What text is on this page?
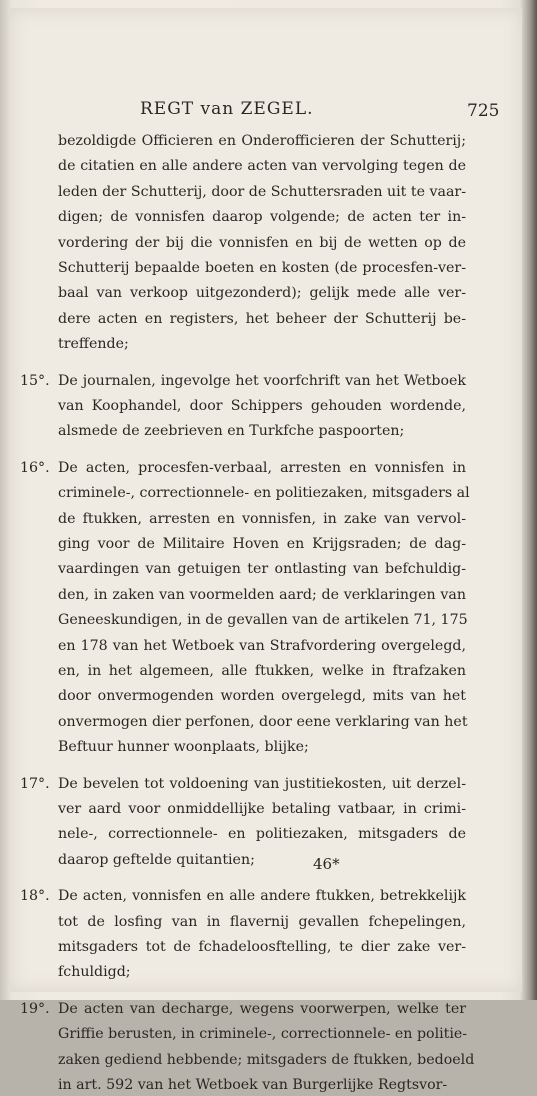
REGT van ZEGEL.	725
bezoldigde Officieren en Onderofficieren der Schutterij;
de citatien en alle andere acten van vervolging tegen de
leden der Schutterij, door de Schuttersraden uit te vaar-
digen; de vonnisfen daarop volgende; de acten ter in-
vordering der bij die vonnisfen en bij de wetten op de
Schutterij bepaalde boeten en kosten (de procesfen-ver-
baal van verkoop uitgezonderd); gelijk mede alle ver-
dere acten en registers, het beheer der Schutterij be-
treffende;
15°. De journalen, ingevolge het voorfchrift van het Wetboek
van Koophandel, door Schippers gehouden wordende,
alsmede de zeebrieven en Turkfche paspoorten;
16°. De acten, procesfen-verbaal, arresten en vonnisfen in
criminele-, correctionnele- en politiezaken, mitsgaders al
de ftukken, arresten en vonnisfen, in zake van vervol-
ging voor de Militaire Hoven en Krijgsraden; de dag-
vaardingen van getuigen ter ontlasting van befchuldig-
den, in zaken van voormelden aard; de verklaringen van
Geneeskundigen, in de gevallen van de artikelen 71, 175
en 178 van het Wetboek van Strafvordering overgelegd,
en, in het algemeen, alle ftukken, welke in ftrafzaken
door onvermogenden worden overgelegd, mits van het
onvermogen dier perfonen, door eene verklaring van het
Beftuur hunner woonplaats, blijke;
17°. De bevelen tot voldoening van justitiekosten, uit derzel-
ver aard voor onmiddellijke betaling vatbaar, in crimi-
nele-, correctionnele- en politiezaken, mitsgaders de
daarop gefteldе quitantien;
18°. De acten, vonnisfen en alle andere ftukken, betrekkelijk
tot de losfing van in flavernij gevallen fchepelingen,
mitsgaders tot de fchadeloosftelling, te dier zake ver-
fchuldigd;
19°. De acten van decharge, wegens voorwerpen, welke ter
Griffie berusten, in criminele-, correctionnele- en politie-
zaken gediend hebbende; mitsgaders de ftukken, bedoeld
in art. 592 van het Wetboek van Burgerlijke Regtsvor-
46*
